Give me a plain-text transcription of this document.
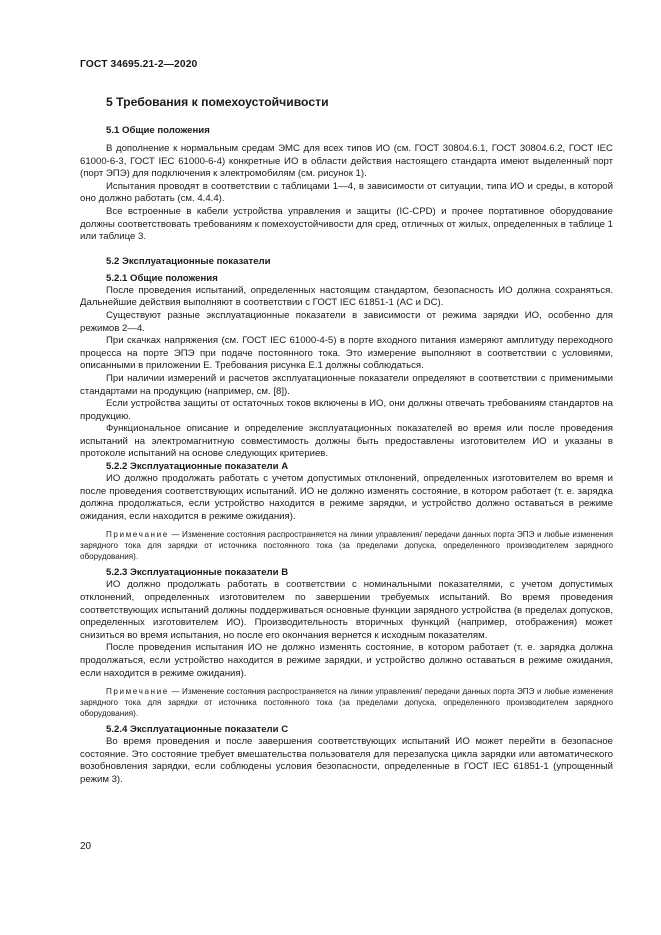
ГОСТ 34695.21-2—2020
5 Требования к помехоустойчивости
5.1 Общие положения

В дополнение к нормальным средам ЭМС для всех типов ИО (см. ГОСТ 30804.6.1, ГОСТ 30804.6.2, ГОСТ IEC 61000-6-3, ГОСТ IEC 61000-6-4) конкретные ИО в области действия настоящего стандарта имеют выделенный порт (порт ЭПЭ) для подключения к электромобилям (см. рисунок 1).

Испытания проводят в соответствии с таблицами 1—4, в зависимости от ситуации, типа ИО и среды, в которой оно должно работать (см. 4.4.4).

Все встроенные в кабели устройства управления и защиты (IC-CPD) и прочее портативное оборудование должны соответствовать требованиям к помехоустойчивости для сред, отличных от жилых, определенных в таблице 1 или таблице 3.

5.2 Эксплуатационные показатели
5.2.1 Общие положения

После проведения испытаний, определенных настоящим стандартом, безопасность ИО должна сохраняться. Дальнейшие действия выполняют в соответствии с ГОСТ IEC 61851-1 (AC и DC).

Существуют разные эксплуатационные показатели в зависимости от режима зарядки ИО, особенно для режимов 2—4.

При скачках напряжения (см. ГОСТ IEC 61000-4-5) в порте входного питания измеряют амплитуду переходного процесса на порте ЭПЭ при подаче постоянного тока. Это измерение выполняют в соответствии с условиями, описанными в приложении E. Требования рисунка E.1 должны соблюдаться.

При наличии измерений и расчетов эксплуатационные показатели определяют в соответствии с применимыми стандартами на продукцию (например, см. [8]).

Если устройства защиты от остаточных токов включены в ИО, они должны отвечать требованиям стандартов на продукцию.

Функциональное описание и определение эксплуатационных показателей во время или после проведения испытаний на электромагнитную совместимость должны быть предоставлены изготовителем ИО и указаны в протоколе испытаний на основе следующих критериев.

5.2.2 Эксплуатационные показатели А

ИО должно продолжать работать с учетом допустимых отклонений, определенных изготовителем во время и после проведения соответствующих испытаний. ИО не должно изменять состояние, в котором работает (т. е. зарядка должна продолжаться, если устройство находится в режиме зарядки, и устройство должно оставаться в режиме ожидания, если находится в режиме ожидания).

Примечание — Изменение состояния распространяется на линии управления/ передачи данных порта ЭПЭ и любые изменения зарядного тока для зарядки от источника постоянного тока (за пределами допуска, определенного производителем зарядного оборудования).

5.2.3 Эксплуатационные показатели В

ИО должно продолжать работать в соответствии с номинальными показателями, с учетом допустимых отклонений, определенных изготовителем по завершении требуемых испытаний. Во время проведения соответствующих испытаний должны поддерживаться основные функции зарядного устройства (в пределах допусков, определенных изготовителем ИО). Производительность вторичных функций (например, отображения) может снизиться во время испытания, но после его окончания вернется к исходным показателям.

После проведения испытания ИО не должно изменять состояние, в котором работает (т. е. зарядка должна продолжаться, если устройство находится в режиме зарядки, и устройство должно оставаться в режиме ожидания, если находится в режиме ожидания).

Примечание — Изменение состояния распространяется на линии управления/ передачи данных порта ЭПЭ и любые изменения зарядного тока для зарядки от источника постоянного тока (за пределами допуска, определенного производителем зарядного оборудования).

5.2.4 Эксплуатационные показатели С

Во время проведения и после завершения соответствующих испытаний ИО может перейти в безопасное состояние. Это состояние требует вмешательства пользователя для перезапуска цикла зарядки или автоматического возобновления зарядки, если соблюдены условия безопасности, определенные в ГОСТ IEC 61851-1 (упрощенный режим 3).

20
